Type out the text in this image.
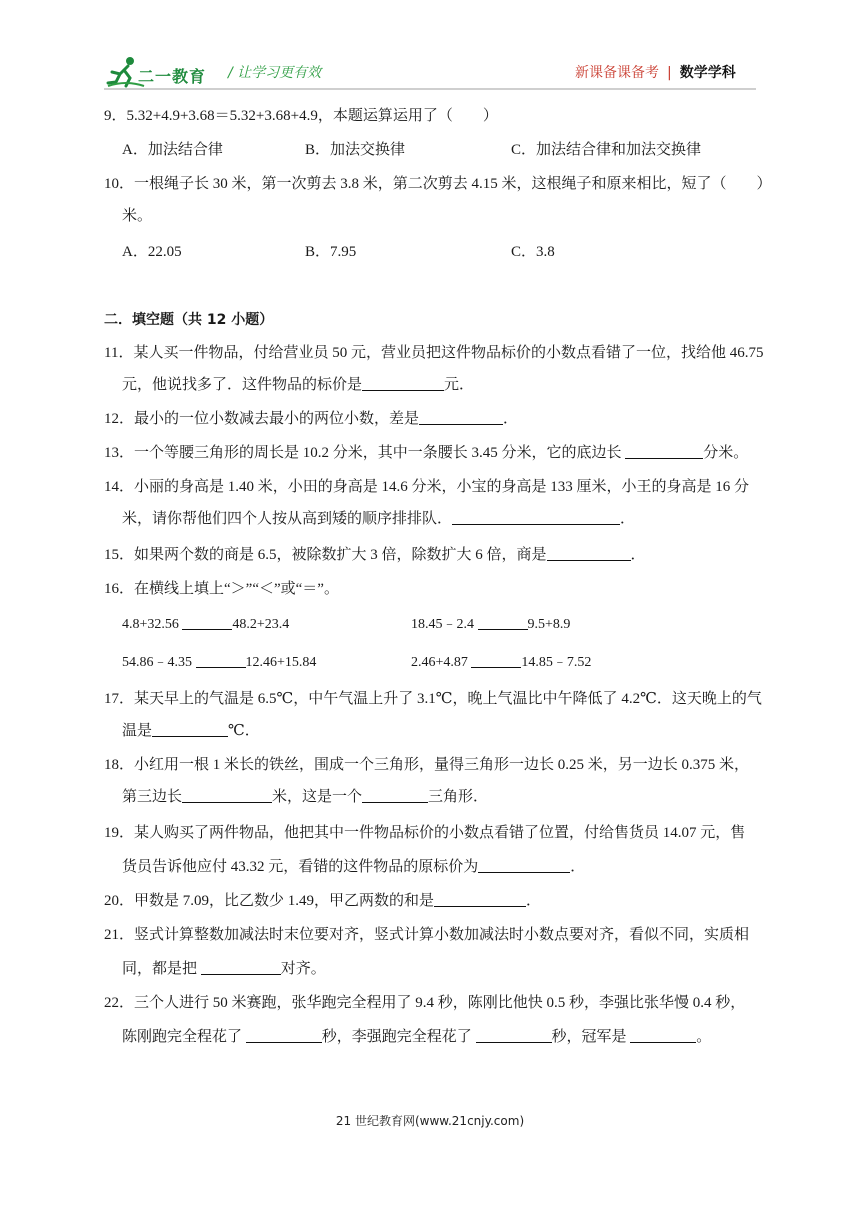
二一教育 / 让学习更有效	新课备课备考 | 数学学科
9．5.32+4.9+3.68＝5.32+3.68+4.9，本题运算运用了（　　）
A．加法结合律	B．加法交换律	C．加法结合律和加法交换律
10．一根绳子长 30 米，第一次剪去 3.8 米，第二次剪去 4.15 米，这根绳子和原来相比，短了（　　）
米。
A．22.05	B．7.95	C．3.8
二．填空题（共 12 小题）
11．某人买一件物品，付给营业员 50 元，营业员把这件物品标价的小数点看错了一位，找给他 46.75
元，他说找多了．这件物品的标价是	元．
12．最小的一位小数减去最小的两位小数，差是	．
13．一个等腰三角形的周长是 10.2 分米，其中一条腰长 3.45 分米，它的底边长	分米。
14．小丽的身高是 1.40 米，小田的身高是 14.6 分米，小宝的身高是 133 厘米，小王的身高是 16 分
米，请你帮他们四个人按从高到矮的顺序排排队．	．
15．如果两个数的商是 6.5，被除数扩大 3 倍，除数扩大 6 倍，商是	．
16．在横线上填上“＞”“＜”或“＝”。
4.8+32.56	48.2+23.4	18.45﹣2.4	9.5+8.9
54.86﹣4.35	12.46+15.84	2.46+4.87	14.85﹣7.52
17．某天早上的气温是 6.5℃，中午气温上升了 3.1℃，晚上气温比中午降低了 4.2℃．这天晚上的气
温是	℃．
18．小红用一根 1 米长的铁丝，围成一个三角形，量得三角形一边长 0.25 米，另一边长 0.375 米，
第三边长	米，这是一个	三角形．
19．某人购买了两件物品，他把其中一件物品标价的小数点看错了位置，付给售货员 14.07 元，售
货员告诉他应付 43.32 元，看错的这件物品的原标价为	．
20．甲数是 7.09，比乙数少 1.49，甲乙两数的和是	．
21．竖式计算整数加减法时末位要对齐，竖式计算小数加减法时小数点要对齐，看似不同，实质相
同，都是把	对齐。
22．三个人进行 50 米赛跑，张华跑完全程用了 9.4 秒，陈刚比他快 0.5 秒，李强比张华慢 0.4 秒，
陈刚跑完全程花了	秒，李强跑完全程花了	秒，冠军是	。
21 世纪教育网(www.21cnjy.com)
